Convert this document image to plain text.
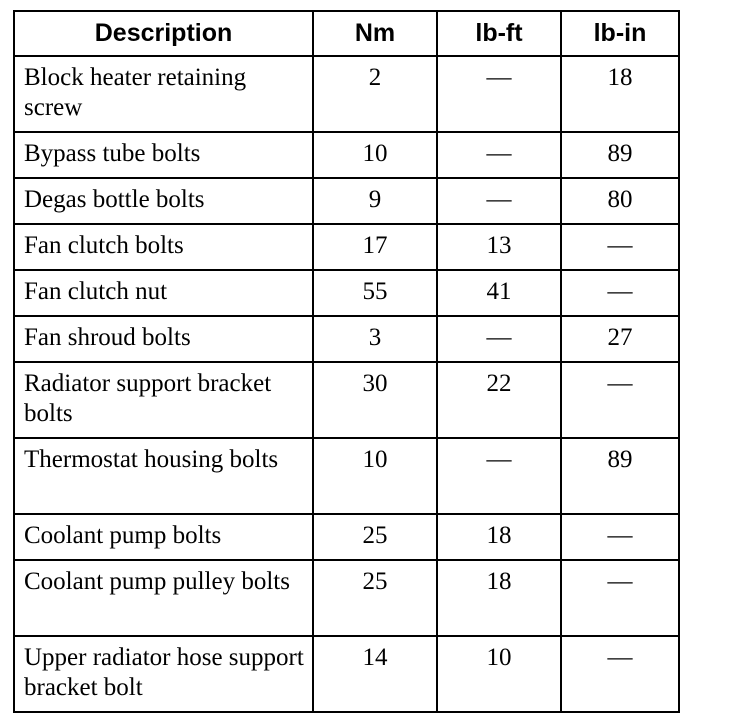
Description	Nm	lb-ft	lb-in
Block heater retaining screw	2	—	18
Bypass tube bolts	10	—	89
Degas bottle bolts	9	—	80
Fan clutch bolts	17	13	—
Fan clutch nut	55	41	—
Fan shroud bolts	3	—	27
Radiator support bracket bolts	30	22	—
Thermostat housing bolts	10	—	89
Coolant pump bolts	25	18	—
Coolant pump pulley bolts	25	18	—
Upper radiator hose support bracket bolt	14	10	—
